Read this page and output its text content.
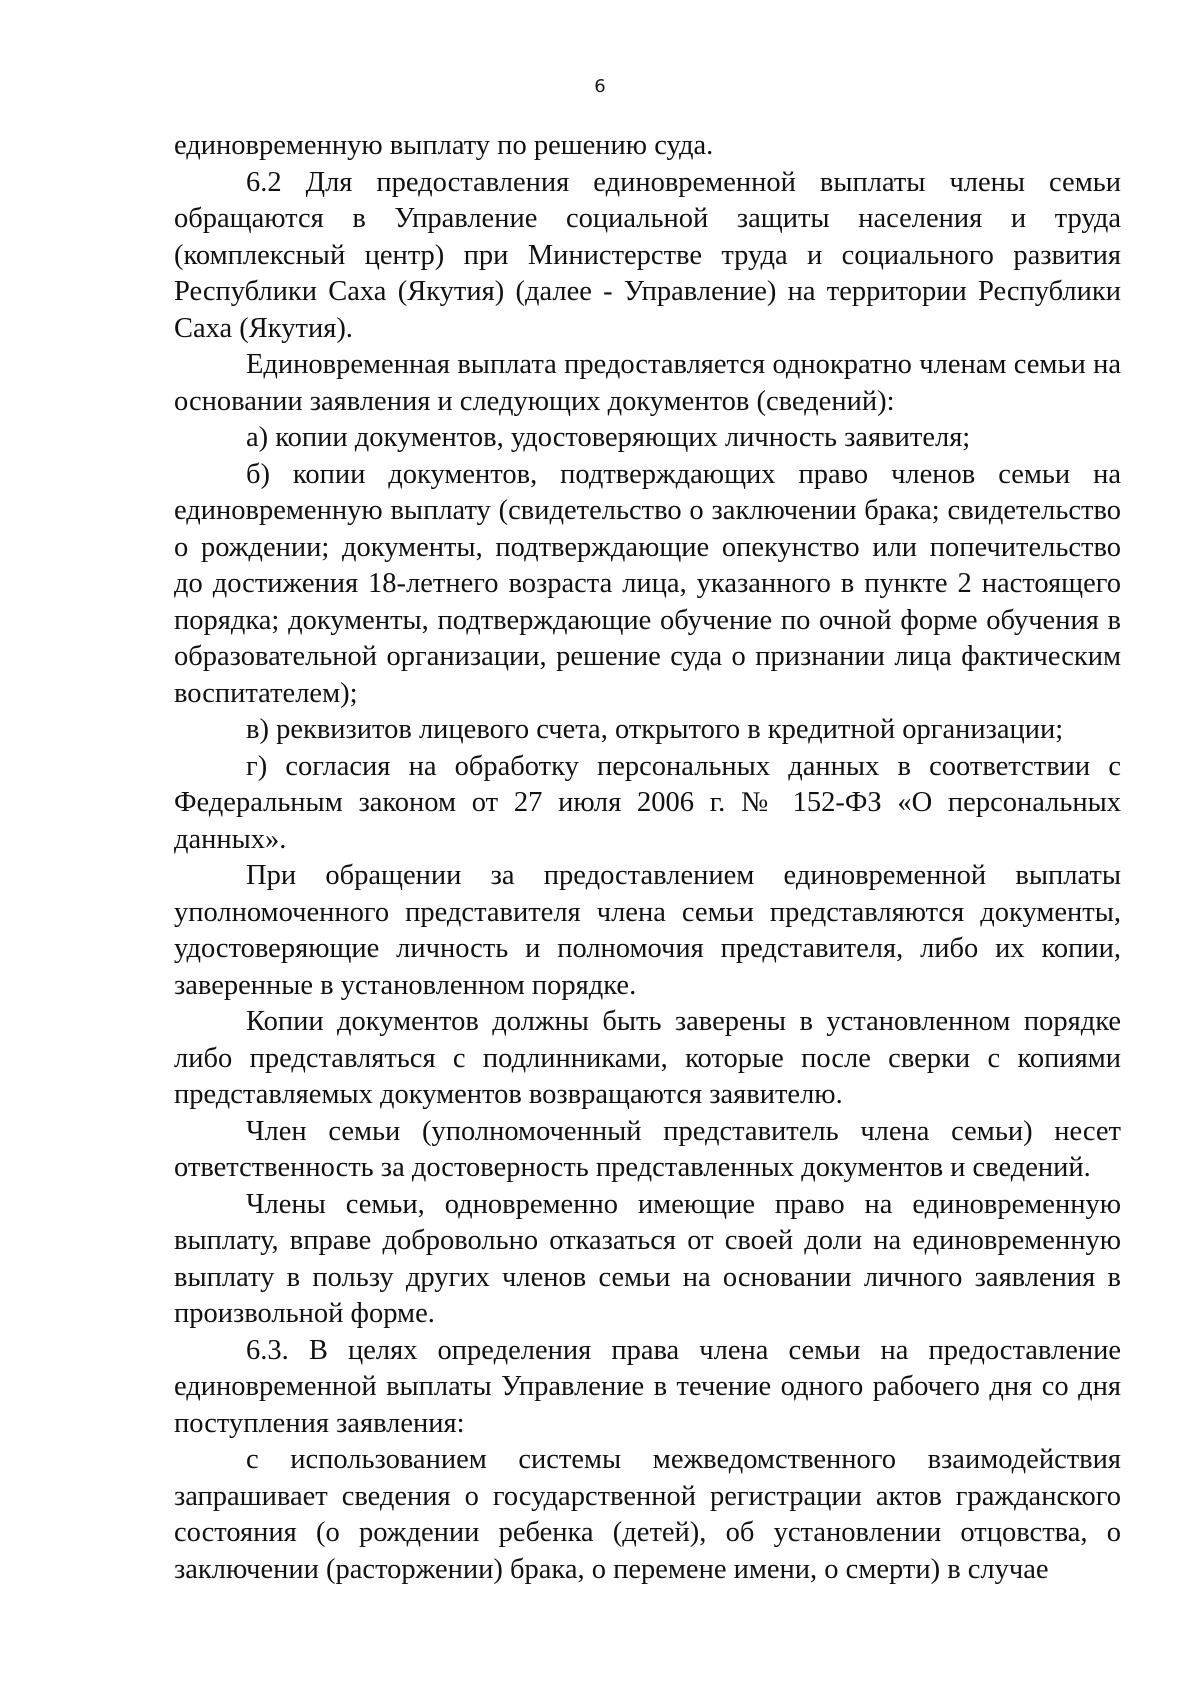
6

единовременную выплату по решению суда.

6.2 Для предоставления единовременной выплаты члены семьи обращаются в Управление социальной защиты населения и труда (комплексный центр) при Министерстве труда и социального развития Республики Саха (Якутия) (далее - Управление) на территории Республики Саха (Якутия).

Единовременная выплата предоставляется однократно членам семьи на основании заявления и следующих документов (сведений):

а) копии документов, удостоверяющих личность заявителя;

б) копии документов, подтверждающих право членов семьи на единовременную выплату (свидетельство о заключении брака; свидетельство о рождении; документы, подтверждающие опекунство или попечительство до достижения 18-летнего возраста лица, указанного в пункте 2 настоящего порядка; документы, подтверждающие обучение по очной форме обучения в образовательной организации, решение суда о признании лица фактическим воспитателем);

в) реквизитов лицевого счета, открытого в кредитной организации;

г) согласия на обработку персональных данных в соответствии с Федеральным законом от 27 июля 2006 г. № 152-ФЗ «О персональных данных».

При обращении за предоставлением единовременной выплаты уполномоченного представителя члена семьи представляются документы, удостоверяющие личность и полномочия представителя, либо их копии, заверенные в установленном порядке.

Копии документов должны быть заверены в установленном порядке либо представляться с подлинниками, которые после сверки с копиями представляемых документов возвращаются заявителю.

Член семьи (уполномоченный представитель члена семьи) несет ответственность за достоверность представленных документов и сведений.

Члены семьи, одновременно имеющие право на единовременную выплату, вправе добровольно отказаться от своей доли на единовременную выплату в пользу других членов семьи на основании личного заявления в произвольной форме.

6.3. В целях определения права члена семьи на предоставление единовременной выплаты Управление в течение одного рабочего дня со дня поступления заявления:

с использованием системы межведомственного взаимодействия запрашивает сведения о государственной регистрации актов гражданского состояния (о рождении ребенка (детей), об установлении отцовства, о заключении (расторжении) брака, о перемене имени, о смерти) в случае
